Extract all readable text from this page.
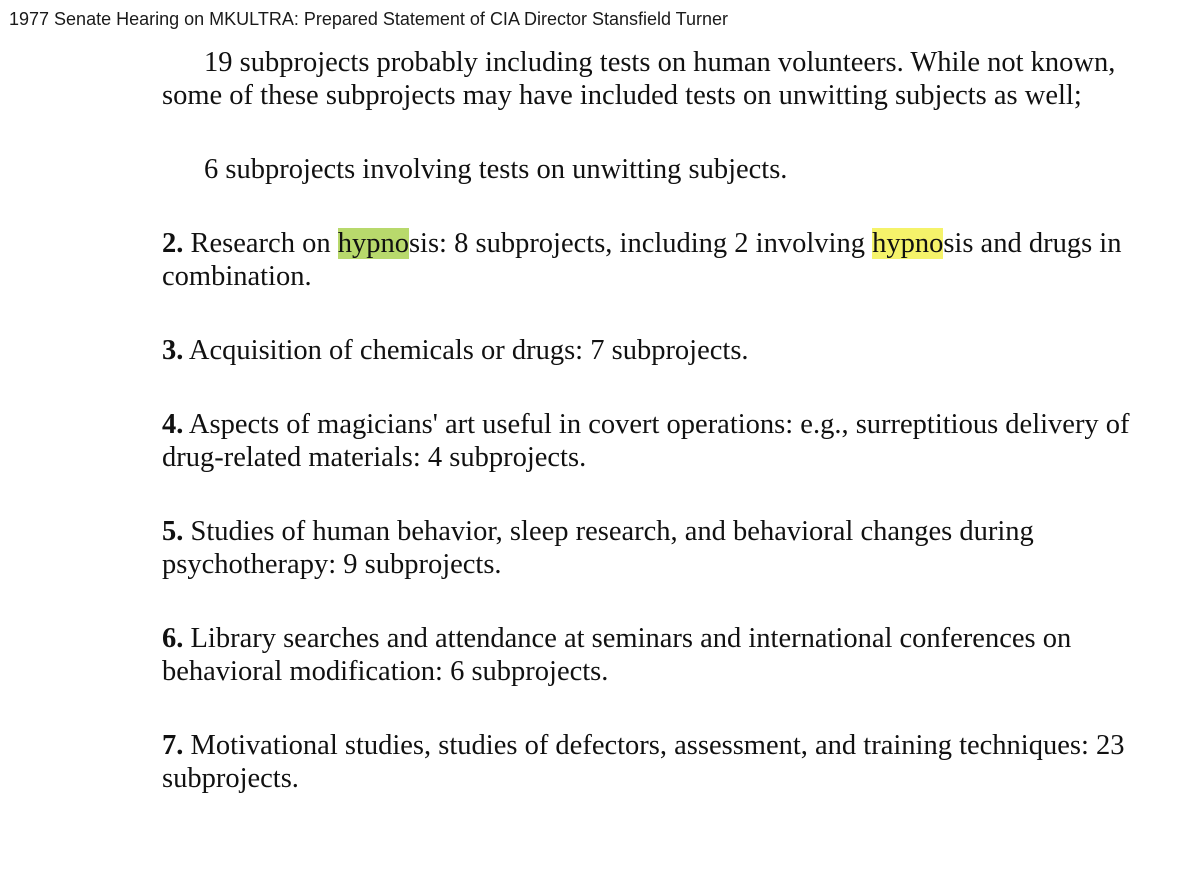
1977 Senate Hearing on MKULTRA: Prepared Statement of CIA Director Stansfield Turner

19 subprojects probably including tests on human volunteers. While not known, some of these subprojects may have included tests on unwitting subjects as well;

6 subprojects involving tests on unwitting subjects.

2. Research on hypnosis: 8 subprojects, including 2 involving hypnosis and drugs in combination.

3. Acquisition of chemicals or drugs: 7 subprojects.

4. Aspects of magicians' art useful in covert operations: e.g., surreptitious delivery of drug-related materials: 4 subprojects.

5. Studies of human behavior, sleep research, and behavioral changes during psychotherapy: 9 subprojects.

6. Library searches and attendance at seminars and international conferences on behavioral modification: 6 subprojects.

7. Motivational studies, studies of defectors, assessment, and training techniques: 23 subprojects.
